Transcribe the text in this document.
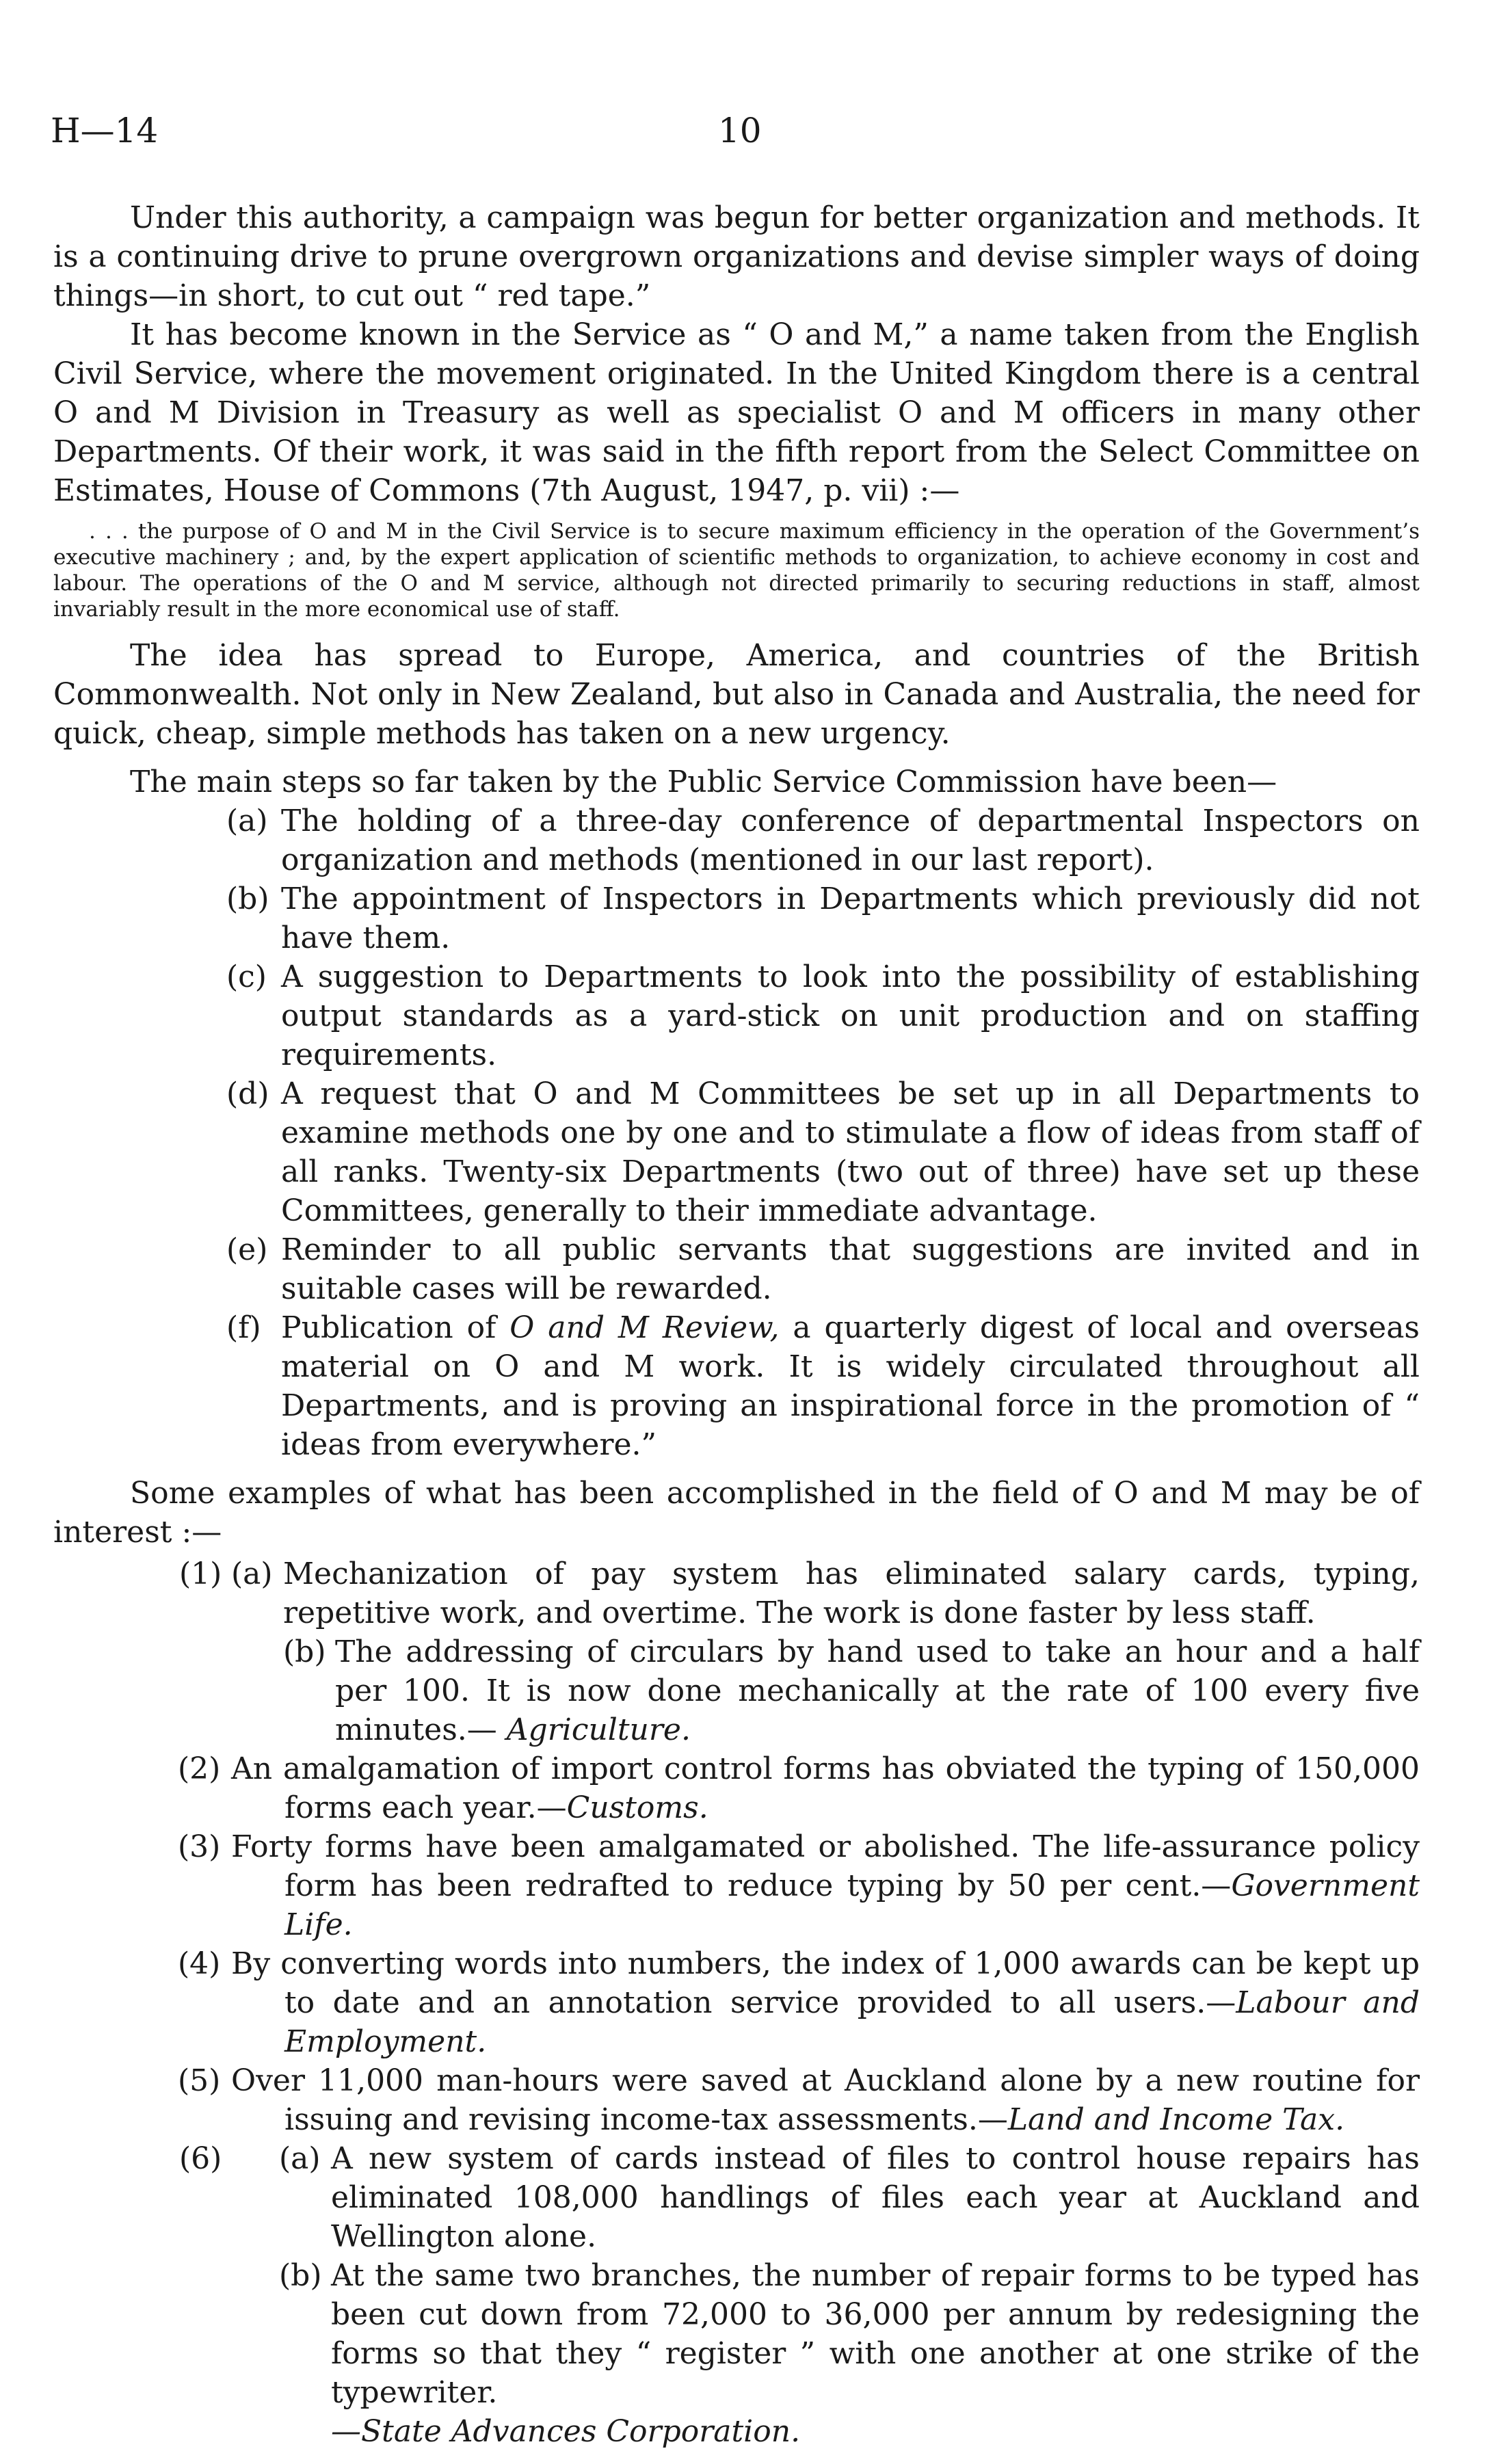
H—14	10

Under this authority, a campaign was begun for better organization and methods. It is a continuing drive to prune overgrown organizations and devise simpler ways of doing things—in short, to cut out “ red tape.”

It has become known in the Service as “ O and M,” a name taken from the English Civil Service, where the movement originated. In the United Kingdom there is a central O and M Division in Treasury as well as specialist O and M officers in many other Departments. Of their work, it was said in the fifth report from the Select Committee on Estimates, House of Commons (7th August, 1947, p. vii) :—

. . . the purpose of O and M in the Civil Service is to secure maximum efficiency in the operation of the Government’s executive machinery ; and, by the expert application of scientific methods to organization, to achieve economy in cost and labour. The operations of the O and M service, although not directed primarily to securing reductions in staff, almost invariably result in the more economical use of staff.

The idea has spread to Europe, America, and countries of the British Commonwealth. Not only in New Zealand, but also in Canada and Australia, the need for quick, cheap, simple methods has taken on a new urgency.

The main steps so far taken by the Public Service Commission have been—

(a) The holding of a three-day conference of departmental Inspectors on organization and methods (mentioned in our last report).
(b) The appointment of Inspectors in Departments which previously did not have them.
(c) A suggestion to Departments to look into the possibility of establishing output standards as a yard-stick on unit production and on staffing requirements.
(d) A request that O and M Committees be set up in all Departments to examine methods one by one and to stimulate a flow of ideas from staff of all ranks. Twenty-six Departments (two out of three) have set up these Committees, generally to their immediate advantage.
(e) Reminder to all public servants that suggestions are invited and in suitable cases will be rewarded.
(f) Publication of O and M Review, a quarterly digest of local and overseas material on O and M work. It is widely circulated throughout all Departments, and is proving an inspirational force in the promotion of “ ideas from everywhere.”

Some examples of what has been accomplished in the field of O and M may be of interest :—

(1) (a) Mechanization of pay system has eliminated salary cards, typing, repetitive work, and overtime. The work is done faster by less staff.
(b) The addressing of circulars by hand used to take an hour and a half per 100. It is now done mechanically at the rate of 100 every five minutes.— Agriculture.
(2) An amalgamation of import control forms has obviated the typing of 150,000 forms each year.—Customs.
(3) Forty forms have been amalgamated or abolished. The life-assurance policy form has been redrafted to reduce typing by 50 per cent.—Government Life.
(4) By converting words into numbers, the index of 1,000 awards can be kept up to date and an annotation service provided to all users.—Labour and Employment.
(5) Over 11,000 man-hours were saved at Auckland alone by a new routine for issuing and revising income-tax assessments.—Land and Income Tax.
(6)	(a) A new system of cards instead of files to control house repairs has eliminated 108,000 handlings of files each year at Auckland and Wellington alone.
(b) At the same two branches, the number of repair forms to be typed has been cut down from 72,000 to 36,000 per annum by redesigning the forms so that they “ register ” with one another at one strike of the typewriter.
—State Advances Corporation.
